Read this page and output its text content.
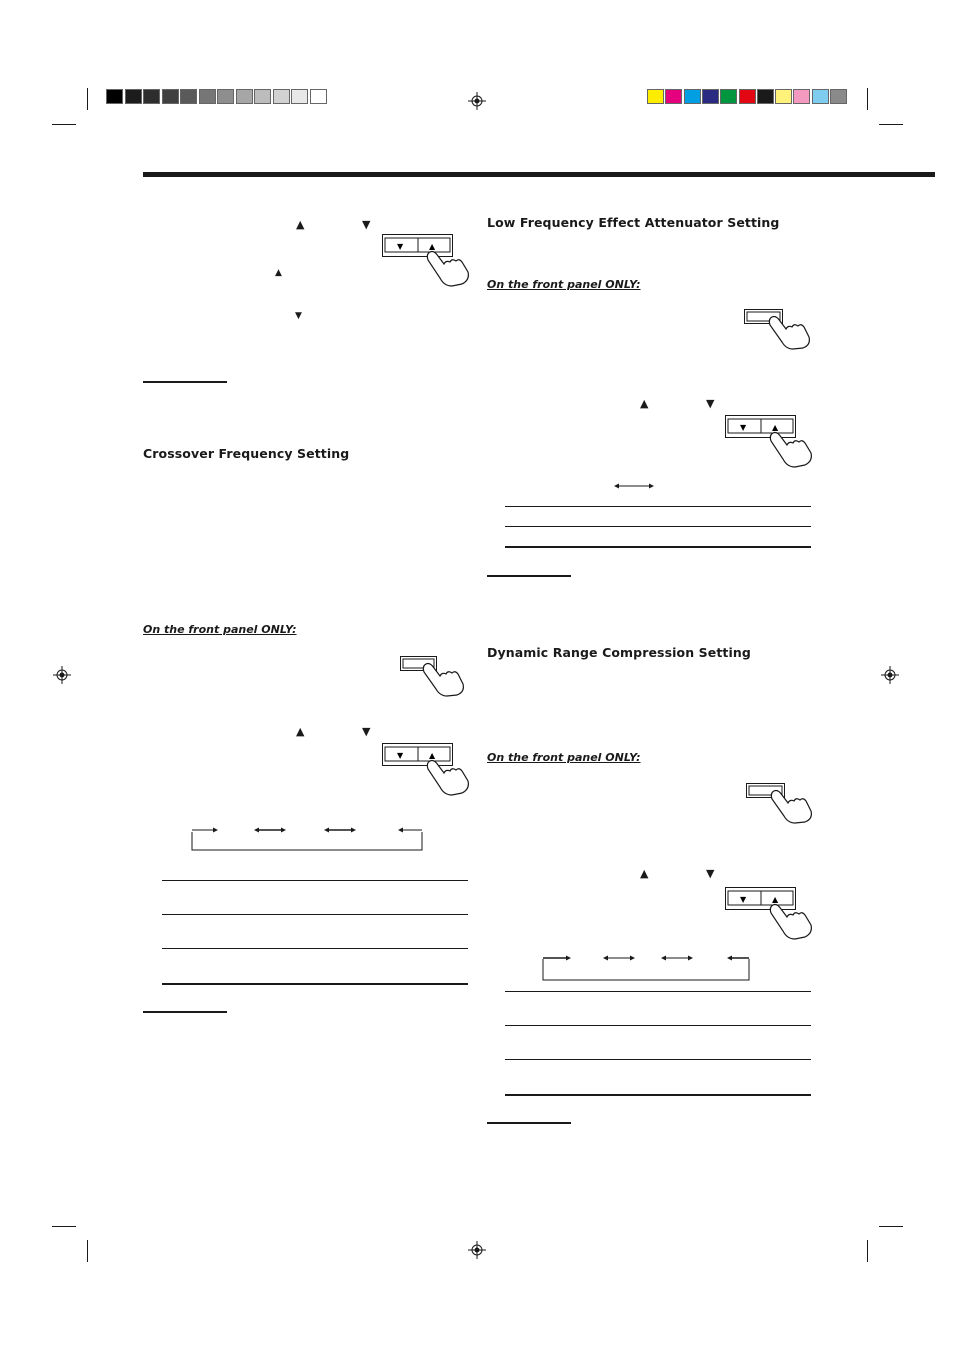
▲	▼
▼	▲
▲
▼
Crossover Frequency Setting
On the front panel ONLY:
▲	▼
▼	▲
Low Frequency Effect Attenuator Setting
On the front panel ONLY:
▲	▼
▼	▲
Dynamic Range Compression Setting
On the front panel ONLY:
▲	▼
▼	▲
